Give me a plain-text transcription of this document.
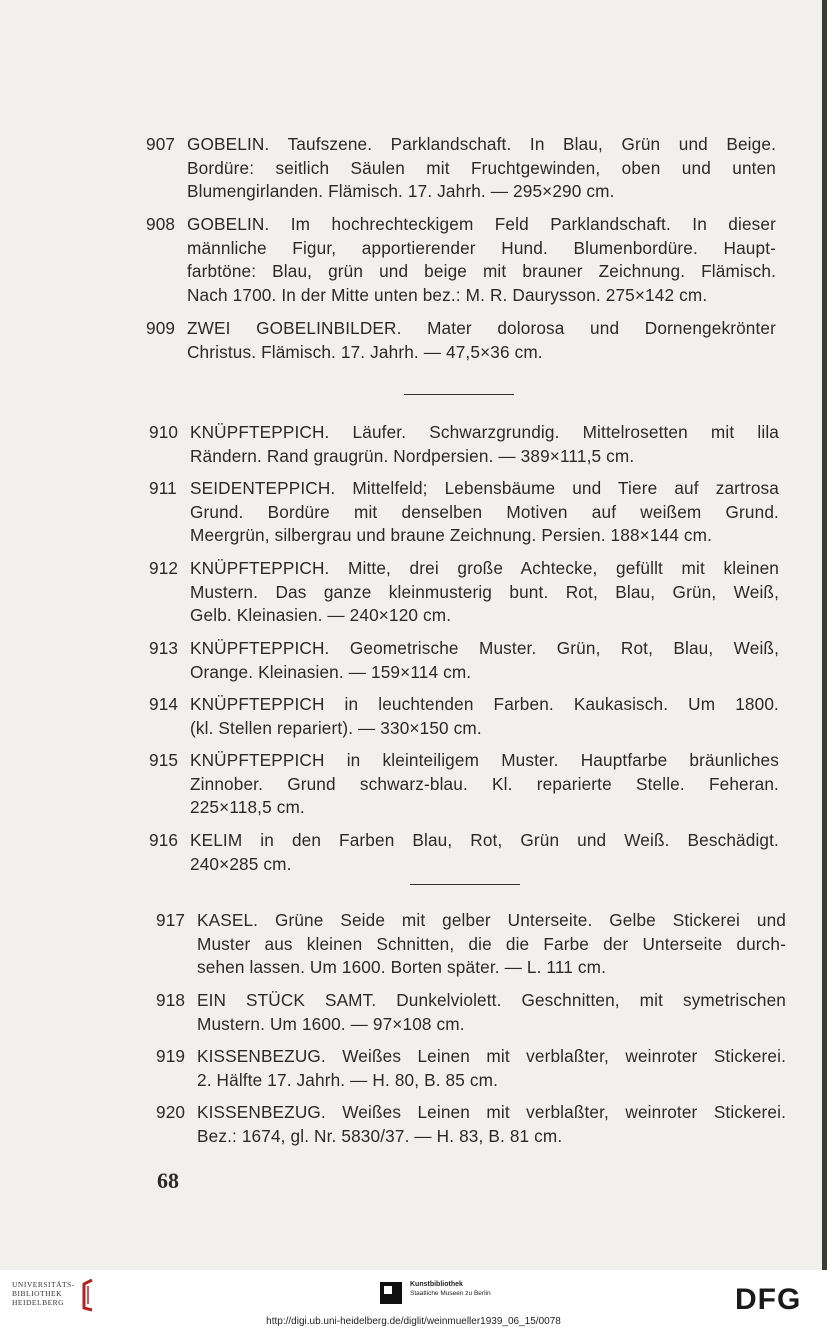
907 GOBELIN. Taufszene. Parklandschaft. In Blau, Grün und Beige.
Bordüre: seitlich Säulen mit Fruchtgewinden, oben und unten
Blumengirlanden. Flämisch. 17. Jahrh. — 295×290 cm.
908 GOBELIN. Im hochrechteckigem Feld Parklandschaft. In dieser
männliche Figur, apportierender Hund. Blumenbordüre. Haupt-
farbtöne: Blau, grün und beige mit brauner Zeichnung. Flämisch.
Nach 1700. In der Mitte unten bez.: M. R. Daurysson. 275×142 cm.
909 ZWEI GOBELINBILDER. Mater dolorosa und Dornengekrönter
Christus. Flämisch. 17. Jahrh. — 47,5×36 cm.
910 KNÜPFTEPPICH. Läufer. Schwarzgrundig. Mittelrosetten mit lila
Rändern. Rand graugrün. Nordpersien. — 389×111,5 cm.
911 SEIDENTEPPICH. Mittelfeld; Lebensbäume und Tiere auf zartrosa
Grund. Bordüre mit denselben Motiven auf weißem Grund.
Meergrün, silbergrau und braune Zeichnung. Persien. 188×144 cm.
912 KNÜPFTEPPICH. Mitte, drei große Achtecke, gefüllt mit kleinen
Mustern. Das ganze kleinmusterig bunt. Rot, Blau, Grün, Weiß,
Gelb. Kleinasien. — 240×120 cm.
913 KNÜPFTEPPICH. Geometrische Muster. Grün, Rot, Blau, Weiß,
Orange. Kleinasien. — 159×114 cm.
914 KNÜPFTEPPICH in leuchtenden Farben. Kaukasisch. Um 1800.
(kl. Stellen repariert). — 330×150 cm.
915 KNÜPFTEPPICH in kleinteiligem Muster. Hauptfarbe bräunliches
Zinnober. Grund schwarz-blau. Kl. reparierte Stelle. Feheran.
225×118,5 cm.
916 KELIM in den Farben Blau, Rot, Grün und Weiß. Beschädigt.
240×285 cm.
917 KASEL. Grüne Seide mit gelber Unterseite. Gelbe Stickerei und
Muster aus kleinen Schnitten, die die Farbe der Unterseite durch-
sehen lassen. Um 1600. Borten später. — L. 111 cm.
918 EIN STÜCK SAMT. Dunkelviolett. Geschnitten, mit symetrischen
Mustern. Um 1600. — 97×108 cm.
919 KISSENBEZUG. Weißes Leinen mit verblaßter, weinroter Stickerei.
2. Hälfte 17. Jahrh. — H. 80, B. 85 cm.
920 KISSENBEZUG. Weißes Leinen mit verblaßter, weinroter Stickerei.
Bez.: 1674, gl. Nr. 5830/37. — H. 83, B. 81 cm.
68
UNIVERSITÄTS-
BIBLIOTHEK
HEIDELBERG
Kunstbibliothek
Staatliche Museen zu Berlin	DFG
http://digi.ub.uni-heidelberg.de/diglit/weinmueller1939_06_15/0078
